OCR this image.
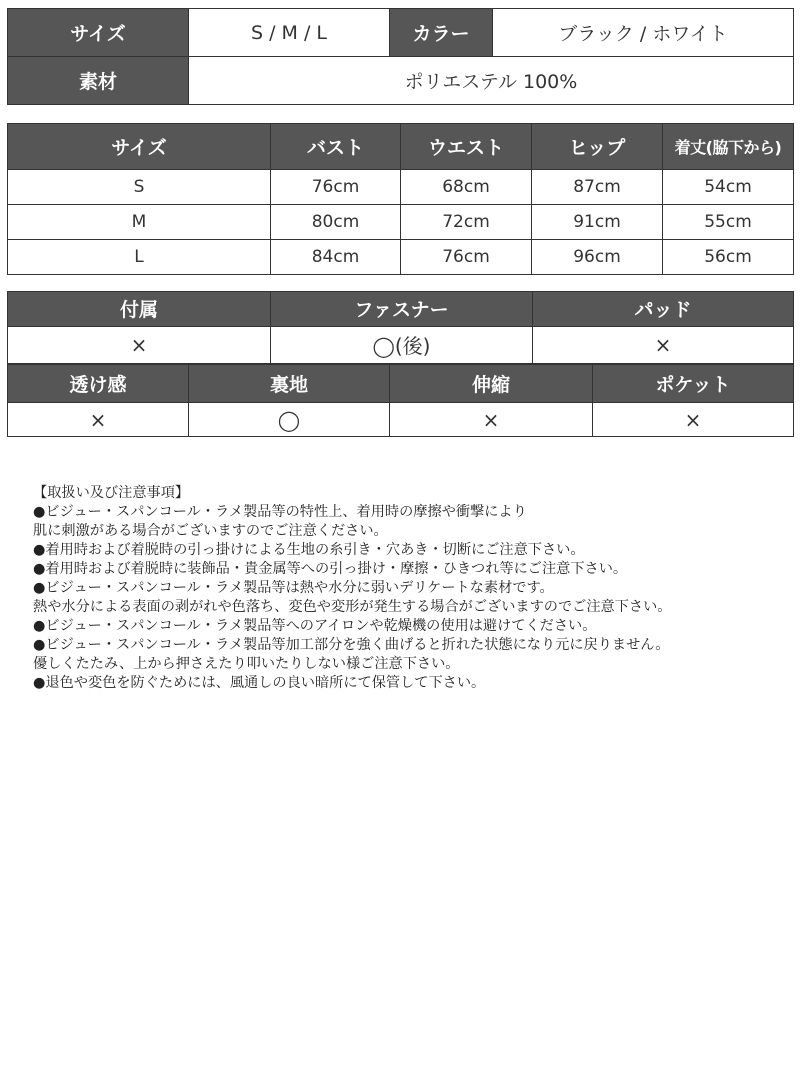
サイズ	S / M / L	カラー	ブラック / ホワイト
素材	ポリエステル 100%		
サイズ	バスト	ウエスト	ヒップ	着丈(脇下から)
S	76cm	68cm	87cm	54cm
M	80cm	72cm	91cm	55cm
L	84cm	76cm	96cm	56cm
付属	ファスナー	パッド
×	◯(後)	×
透け感	裏地	伸縮	ポケット
×	◯	×	×
【取扱い及び注意事項】
●ビジュー・スパンコール・ラメ製品等の特性上、着用時の摩擦や衝撃により
肌に刺激がある場合がございますのでご注意ください。
●着用時および着脱時の引っ掛けによる生地の糸引き・穴あき・切断にご注意下さい。
●着用時および着脱時に装飾品・貴金属等への引っ掛け・摩擦・ひきつれ等にご注意下さい。
●ビジュー・スパンコール・ラメ製品等は熱や水分に弱いデリケートな素材です。
熱や水分による表面の剥がれや色落ち、変色や変形が発生する場合がございますのでご注意下さい。
●ビジュー・スパンコール・ラメ製品等へのアイロンや乾燥機の使用は避けてください。
●ビジュー・スパンコール・ラメ製品等加工部分を強く曲げると折れた状態になり元に戻りません。
優しくたたみ、上から押さえたり叩いたりしない様ご注意下さい。
●退色や変色を防ぐためには、風通しの良い暗所にて保管して下さい。
